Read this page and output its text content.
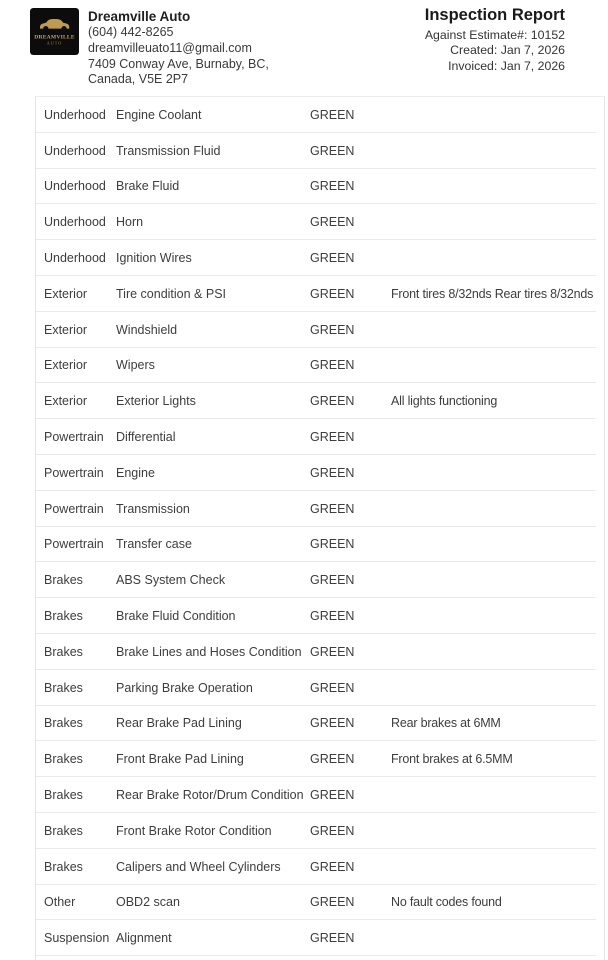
DREAMVILLE
AUTO
Dreamville Auto
(604) 442-8265
dreamvilleuato11@gmail.com
7409 Conway Ave, Burnaby, BC,
Canada, V5E 2P7
Inspection Report
Against Estimate#: 10152
Created: Jan 7, 2026
Invoiced: Jan 7, 2026
Underhood Engine Coolant	GREEN
Underhood Transmission Fluid	GREEN
Underhood Brake Fluid	GREEN
Underhood Horn	GREEN
Underhood Ignition Wires	GREEN
Exterior	Tire condition & PSI	GREEN	Front tires 8/32nds Rear tires 8/32nds
Exterior	Windshield	GREEN
Exterior	Wipers	GREEN
Exterior	Exterior Lights	GREEN	All lights functioning
Powertrain Differential	GREEN
Powertrain Engine	GREEN
Powertrain Transmission	GREEN
Powertrain Transfer case	GREEN
Brakes	ABS System Check	GREEN
Brakes	Brake Fluid Condition	GREEN
Brakes	Brake Lines and Hoses Condition GREEN
Brakes	Parking Brake Operation	GREEN
Brakes	Rear Brake Pad Lining	GREEN	Rear brakes at 6MM
Brakes	Front Brake Pad Lining	GREEN	Front brakes at 6.5MM
Brakes	Rear Brake Rotor/Drum Condition GREEN
Brakes	Front Brake Rotor Condition	GREEN
Brakes	Calipers and Wheel Cylinders	GREEN
Other	OBD2 scan	GREEN	No fault codes found
Suspension Alignment	GREEN
